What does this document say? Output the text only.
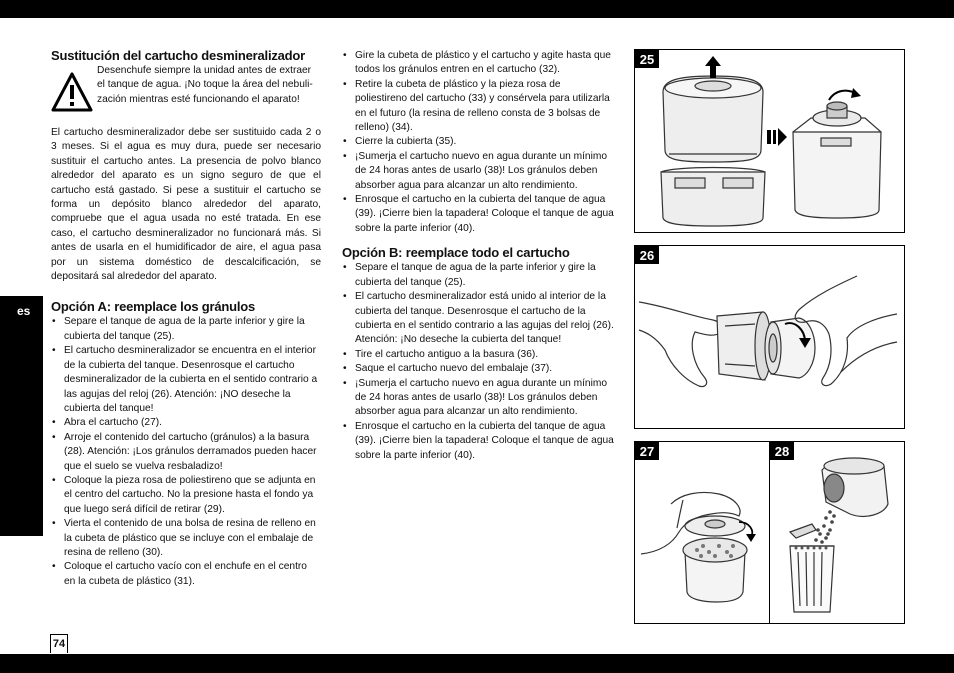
es
74
Sustitución del cartucho desmineralizador
Desenchufe siempre la unidad antes de extraer
el tanque de agua. ¡No toque la área del nebuli-
zación mientras esté funcionando el aparato!

El cartucho desmineralizador debe ser sustituido cada 2 o 3 meses. Si el agua es muy dura, puede ser necesario sustituir el cartucho antes. La presencia de polvo blanco alrededor del aparato es un signo seguro de que el cartucho está gastado. Si pese a sustituir el cartucho se forma un depósito blanco alrededor del aparato, compruebe que el agua usada no esté tratada. En ese caso, el cartucho desmineralizador no funcionará más. Si antes de usarla en el humidificador de aire, el agua pasa por un sistema doméstico de descalcificación, se depositará sal alrededor del aparato.

Opción A: reemplace los gránulos
• Separe el tanque de agua de la parte inferior y gire la cubierta del tanque (25).
• El cartucho desmineralizador se encuentra en el interior de la cubierta del tanque. Desenrosque el cartucho desmineralizador de la cubierta en el sentido contrario a las agujas del reloj (26). Atención: ¡NO deseche la cubierta del tanque!
• Abra el cartucho (27).
• Arroje el contenido del cartucho (gránulos) a la basura (28). Atención: ¡Los gránulos derramados pueden hacer que el suelo se vuelva resbaladizo!
• Coloque la pieza rosa de poliestireno que se adjunta en el centro del cartucho. No la presione hasta el fondo ya que luego será difícil de retirar (29).
• Vierta el contenido de una bolsa de resina de relleno en la cubeta de plástico que se incluye con el embalaje de resina de relleno (30).
• Coloque el cartucho vacío con el enchufe en el centro en la cubeta de plástico (31).
• Gire la cubeta de plástico y el cartucho y agite hasta que todos los gránulos entren en el cartucho (32).
• Retire la cubeta de plástico y la pieza rosa de poliestireno del cartucho (33) y consérvela para utilizarla en el futuro (la resina de relleno consta de 3 bolsas de relleno) (34).
• Cierre la cubierta (35).
• ¡Sumerja el cartucho nuevo en agua durante un mínimo de 24 horas antes de usarlo (38)! Los gránulos deben absorber agua para alcanzar un alto rendimiento.
• Enrosque el cartucho en la cubierta del tanque de agua (39). ¡Cierre bien la tapadera! Coloque el tanque de agua sobre la parte inferior (40).
Opción B: reemplace todo el cartucho
• Separe el tanque de agua de la parte inferior y gire la cubierta del tanque (25).
• El cartucho desmineralizador está unido al interior de la cubierta del tanque. Desenrosque el cartucho de la cubierta en el sentido contrario a las agujas del reloj (26). Atención: ¡No deseche la cubierta del tanque!
• Tire el cartucho antiguo a la basura (36).
• Saque el cartucho nuevo del embalaje (37).
• ¡Sumerja el cartucho nuevo en agua durante un mínimo de 24 horas antes de usarlo (38)! Los gránulos deben absorber agua para alcanzar un alto rendimiento.
• Enrosque el cartucho en la cubierta del tanque de agua (39). ¡Cierre bien la tapadera! Coloque el tanque de agua sobre la parte inferior (40).
25
26
27	28
